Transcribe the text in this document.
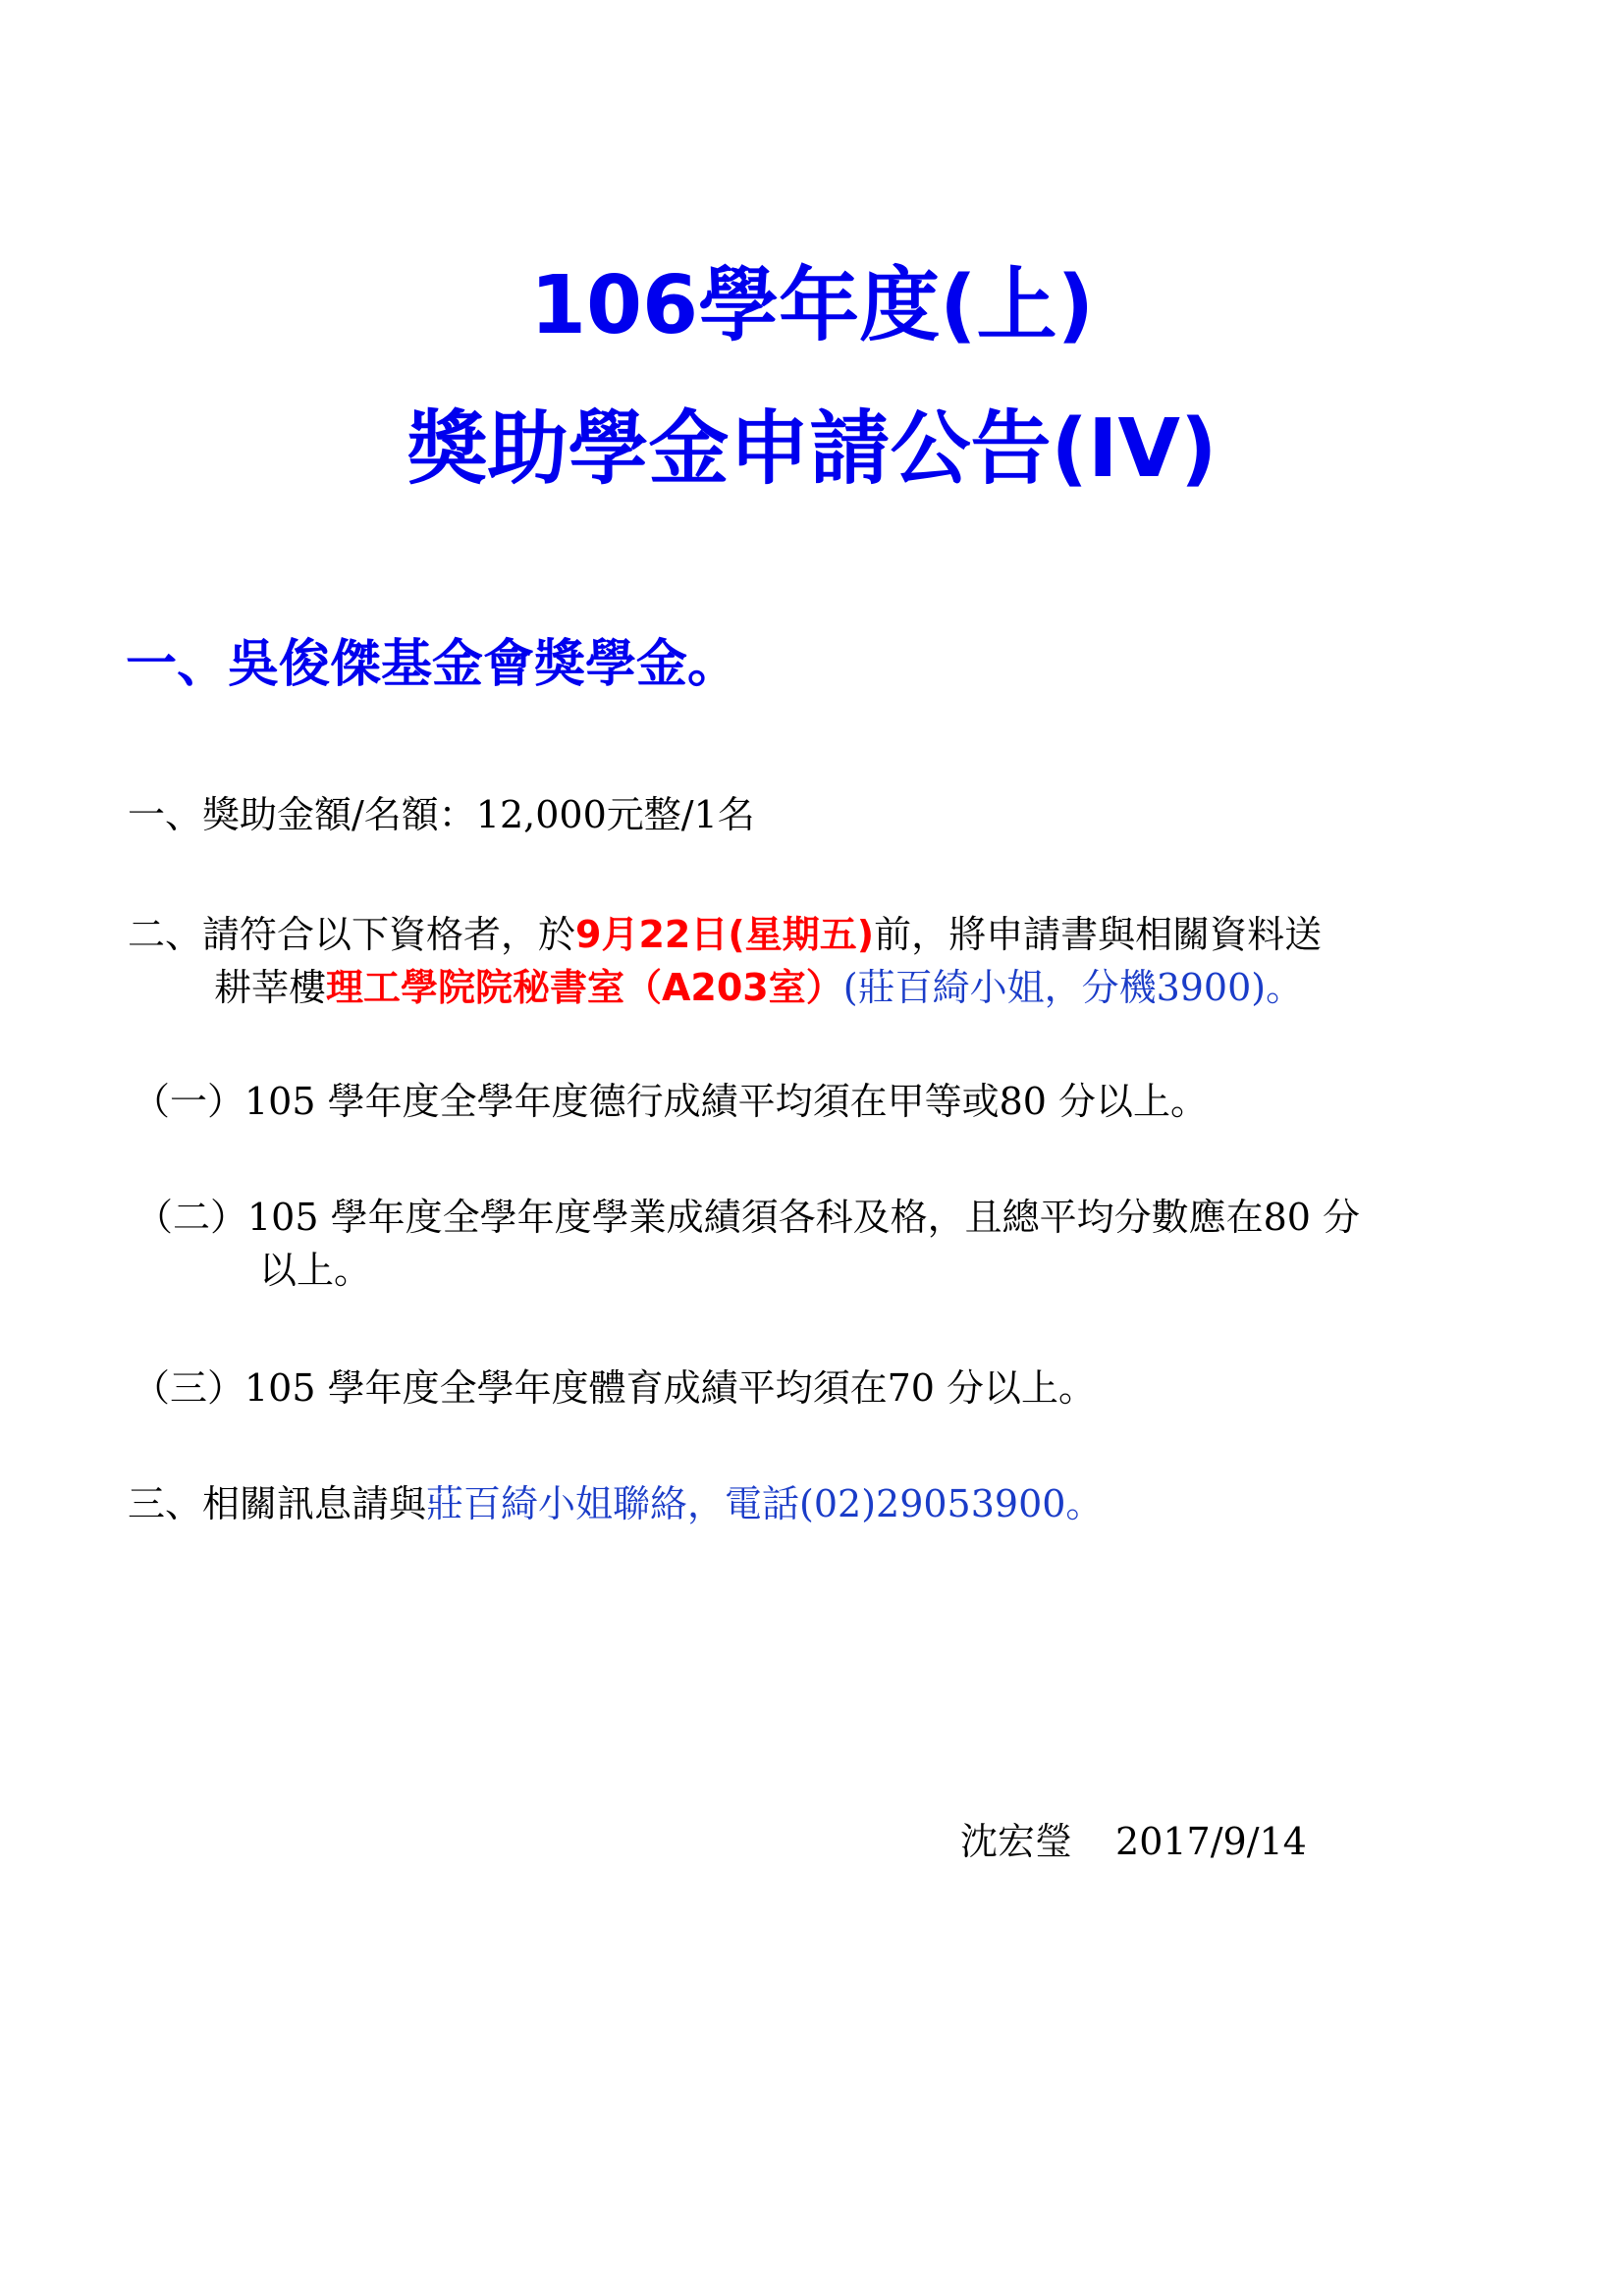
106學年度(上)
獎助學金申請公告(IV)
一、吳俊傑基金會獎學金。
一、獎助金額/名額：12,000元整/1名
二、請符合以下資格者，於9月22日(星期五)前，將申請書與相關資料送
耕莘樓理工學院院秘書室（A203室）(莊百綺小姐，分機3900)。
（一）105 學年度全學年度德行成績平均須在甲等或80 分以上。
（二）105 學年度全學年度學業成績須各科及格，且總平均分數應在80 分
以上。
（三）105 學年度全學年度體育成績平均須在70 分以上。
三、相關訊息請與莊百綺小姐聯絡，電話(02)29053900。
沈宏瑩 2017/9/14
